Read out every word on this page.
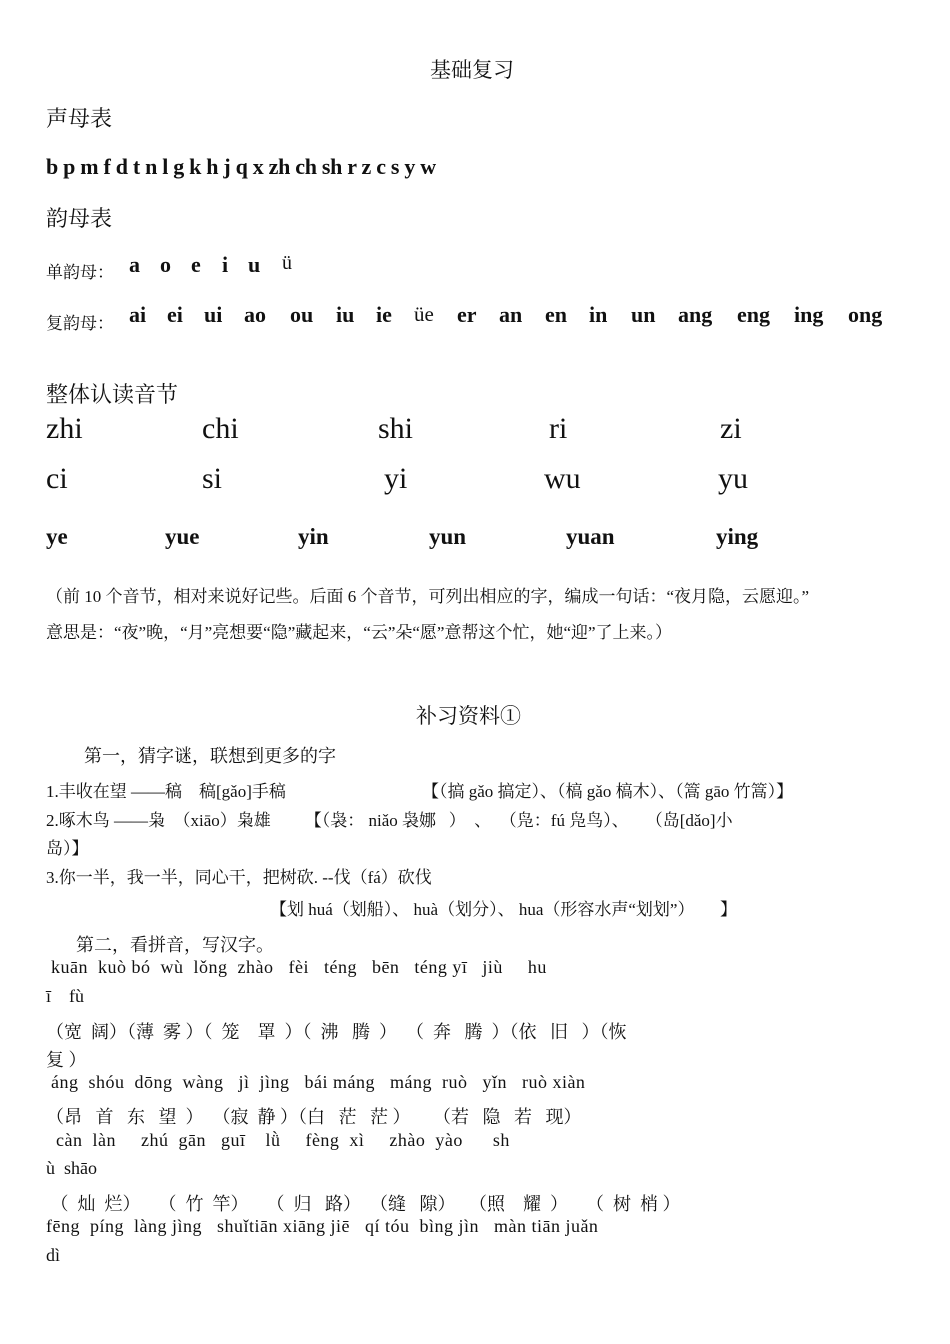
基础复习
声母表
b p m f d t n l g k h j q x zh ch sh r z c s y w
韵母表
单韵母： a o e i u ü
复韵母： ai ei ui ao ou iu ie üe er an en in un ang eng ing ong
整体认读音节
zhi	chi	shi	ri	zi
ci	si	yi	wu	yu
ye	yue	yin	yun	yuan	ying
（前 10 个音节，相对来说好记些。后面 6 个音节，可列出相应的字，编成一句话：“夜月隐，云愿迎。”
意思是：“夜”晚，“月”亮想要“隐”藏起来，“云”朵“愿”意帮这个忙，她“迎”了上来。）
补习资料①
第一，猜字谜，联想到更多的字
1.丰收在望 ——稿    稿[gǎo]手稿	【（搞 gǎo 搞定）、（槁 gǎo 槁木）、（篙 gāo 竹篙）】
2.啄木鸟 ——枭  （xiāo）枭雄        【（袅： niǎo 袅娜   ）  、  （凫：fú 凫鸟）、    （岛[dǎo]小
岛）】
3.你一半，我一半，同心干，把树砍. --伐（fá）砍伐
【划 huá（划船）、 huà（划分）、 hua（形容水声“划划”）      】
第二，看拼音，写汉字。
kuān  kuò bó  wù  lǒng  zhào   fèi   téng   bēn   téng yī   jiù     hu
ī    fù
（宽  阔）（薄  雾 ）（  笼    罩  ）（  沸   腾  ）  （  奔   腾  ）（依   旧   ）（恢
复 ）
áng  shóu  dōng  wàng   jì  jìng   bái máng   máng  ruò   yǐn   ruò xiàn
（昂   首   东   望  ）  （寂  静 ）（白   茫   茫 ）     （若   隐   若   现）
càn  làn     zhú  gān   guī    lǜ     fèng  xì     zhào  yào      sh
ù  shāo
（  灿  烂）    （  竹  竿）    （  归   路）  （缝   隙）   （照    耀  ）    （  树  梢 ）
fēng  píng  làng jìng   shuǐtiān xiāng jiē   qí tóu  bìng jìn   màn tiān juǎn
dì
